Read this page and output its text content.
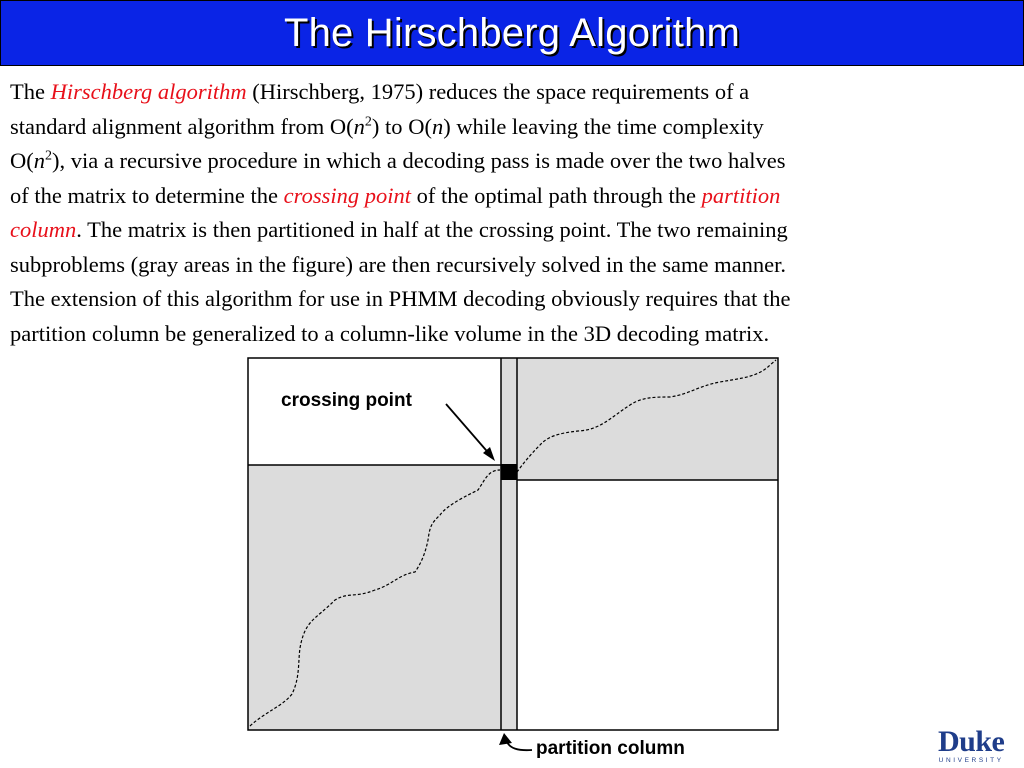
The Hirschberg Algorithm
The Hirschberg algorithm (Hirschberg, 1975) reduces the space requirements of a
standard alignment algorithm from $O(n^2)$ to O(n) while leaving the time complexity
$O(n^2)$, via a recursive procedure in which a decoding pass is made over the two halves
of the matrix to determine the crossing point of the optimal path through the partition
column. The matrix is then partitioned in half at the crossing point. The two remaining
subproblems (gray areas in the figure) are then recursively solved in the same manner.
The extension of this algorithm for use in PHMM decoding obviously requires that the
partition column be generalized to a column-like volume in the 3D decoding matrix.
crossing point
partition column	Duke
UNIVERSITY
